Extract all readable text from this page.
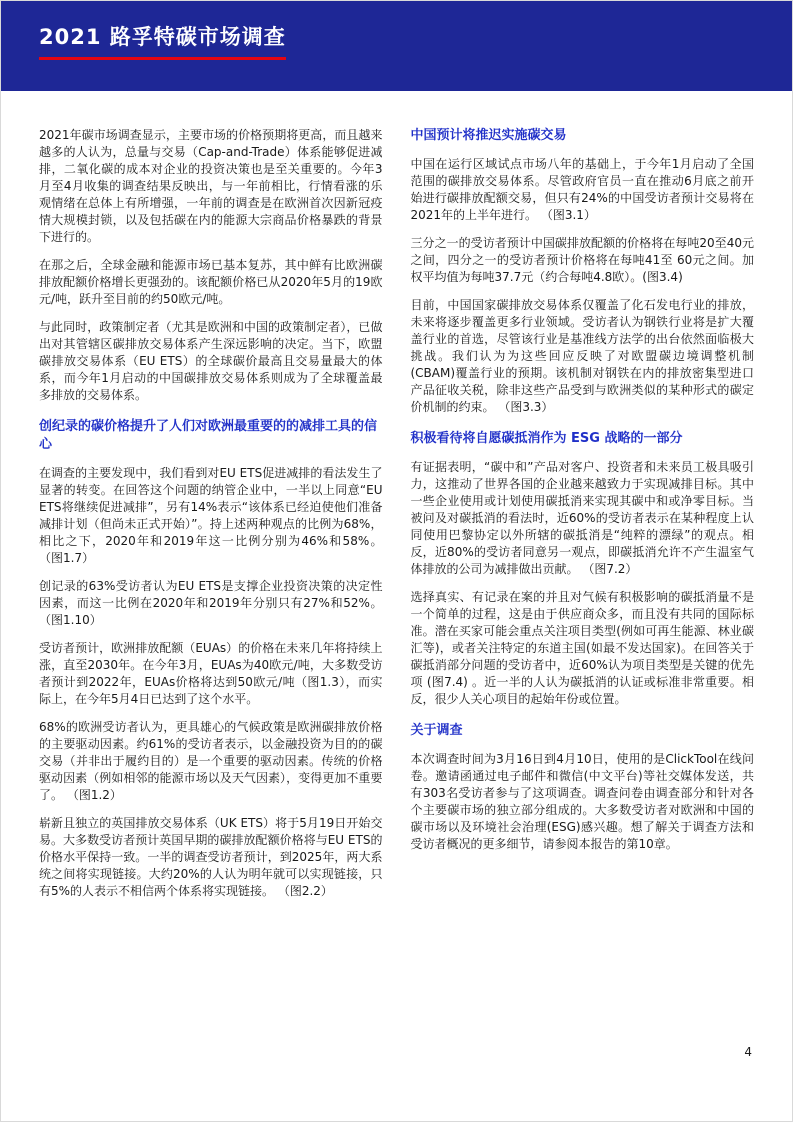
2021 路孚特碳市场调查

2021年碳市场调查显示，主要市场的价格预期将更高，而且越来越多的人认为，总量与交易（Cap-and-Trade）体系能够促进减排，二氧化碳的成本对企业的投资决策也是至关重要的。今年3月至4月收集的调查结果反映出，与一年前相比，行情看涨的乐观情绪在总体上有所增强，一年前的调查是在欧洲首次因新冠疫情大规模封锁，以及包括碳在内的能源大宗商品价格暴跌的背景下进行的。

在那之后，全球金融和能源市场已基本复苏，其中鲜有比欧洲碳排放配额价格增长更强劲的。该配额价格已从2020年5月的19欧元/吨，跃升至目前的约50欧元/吨。

与此同时，政策制定者（尤其是欧洲和中国的政策制定者），已做出对其管辖区碳排放交易体系产生深远影响的决定。当下，欧盟碳排放交易体系（EU ETS）的全球碳价最高且交易量最大的体系，而今年1月启动的中国碳排放交易体系则成为了全球覆盖最多排放的交易体系。

创纪录的碳价格提升了人们对欧洲最重要的的减排工具的信心

在调查的主要发现中，我们看到对EU ETS促进减排的看法发生了显著的转变。在回答这个问题的纳管企业中，一半以上同意“EU ETS将继续促进减排”，另有14%表示“该体系已经迫使他们准备减排计划（但尚未正式开始）”。持上述两种观点的比例为68%，相比之下，2020年和2019年这一比例分别为46%和58%。 （图1.7）

创记录的63%受访者认为EU ETS是支撑企业投资决策的决定性因素，而这一比例在2020年和2019年分别只有27%和52%。 （图1.10）

受访者预计，欧洲排放配额（EUAs）的价格在未来几年将持续上涨，直至2030年。在今年3月，EUAs为40欧元/吨，大多数受访者预计到2022年，EUAs价格将达到50欧元/吨（图1.3），而实际上，在今年5月4日已达到了这个水平。

68%的欧洲受访者认为，更具雄心的气候政策是欧洲碳排放价格的主要驱动因素。约61%的受访者表示，以金融投资为目的的碳交易（并非出于履约目的）是一个重要的驱动因素。传统的价格驱动因素（例如相邻的能源市场以及天气因素），变得更加不重要了。 （图1.2）

崭新且独立的英国排放交易体系（UK ETS）将于5月19日开始交易。大多数受访者预计英国早期的碳排放配额价格将与EU ETS的价格水平保持一致。一半的调查受访者预计，到2025年，两大系统之间将实现链接。大约20%的人认为明年就可以实现链接，只有5%的人表示不相信两个体系将实现链接。 （图2.2）

中国预计将推迟实施碳交易

中国在运行区域试点市场八年的基础上，于今年1月启动了全国范围的碳排放交易体系。尽管政府官员一直在推动6月底之前开始进行碳排放配额交易，但只有24%的中国受访者预计交易将在2021年的上半年进行。 （图3.1）

三分之一的受访者预计中国碳排放配额的价格将在每吨20至40元之间，四分之一的受访者预计价格将在每吨41至 60元之间。加权平均值为每吨37.7元（约合每吨4.8欧）。(图3.4)

目前，中国国家碳排放交易体系仅覆盖了化石发电行业的排放，未来将逐步覆盖更多行业领域。受访者认为钢铁行业将是扩大覆盖行业的首选，尽管该行业是基准线方法学的出台依然面临极大挑战。我们认为为这些回应反映了对欧盟碳边境调整机制(CBAM)覆盖行业的预期。该机制对钢铁在内的排放密集型进口产品征收关税，除非这些产品受到与欧洲类似的某种形式的碳定价机制的约束。 （图3.3）

积极看待将自愿碳抵消作为 ESG 战略的一部分

有证据表明，“碳中和”产品对客户、投资者和未来员工极具吸引力，这推动了世界各国的企业越来越致力于实现减排目标。其中一些企业使用或计划使用碳抵消来实现其碳中和或净零目标。当被问及对碳抵消的看法时，近60%的受访者表示在某种程度上认同使用巴黎协定以外所辖的碳抵消是“纯粹的漂绿”的观点。相反，近80%的受访者同意另一观点，即碳抵消允许不产生温室气体排放的公司为减排做出贡献。 （图7.2）

选择真实、有记录在案的并且对气候有积极影响的碳抵消量不是一个简单的过程，这是由于供应商众多，而且没有共同的国际标准。潜在买家可能会重点关注项目类型(例如可再生能源、林业碳汇等)，或者关注特定的东道主国(如最不发达国家)。在回答关于碳抵消部分问题的受访者中，近60%认为项目类型是关键的优先项 (图7.4) 。近一半的人认为碳抵消的认证或标准非常重要。相反，很少人关心项目的起始年份或位置。

关于调查

本次调查时间为3月16日到4月10日，使用的是ClickTool在线问卷。邀请函通过电子邮件和微信(中文平台)等社交媒体发送，共有303名受访者参与了这项调查。调查问卷由调查部分和针对各个主要碳市场的独立部分组成的。大多数受访者对欧洲和中国的碳市场以及环境社会治理(ESG)感兴趣。想了解关于调查方法和受访者概况的更多细节，请参阅本报告的第10章。

4
